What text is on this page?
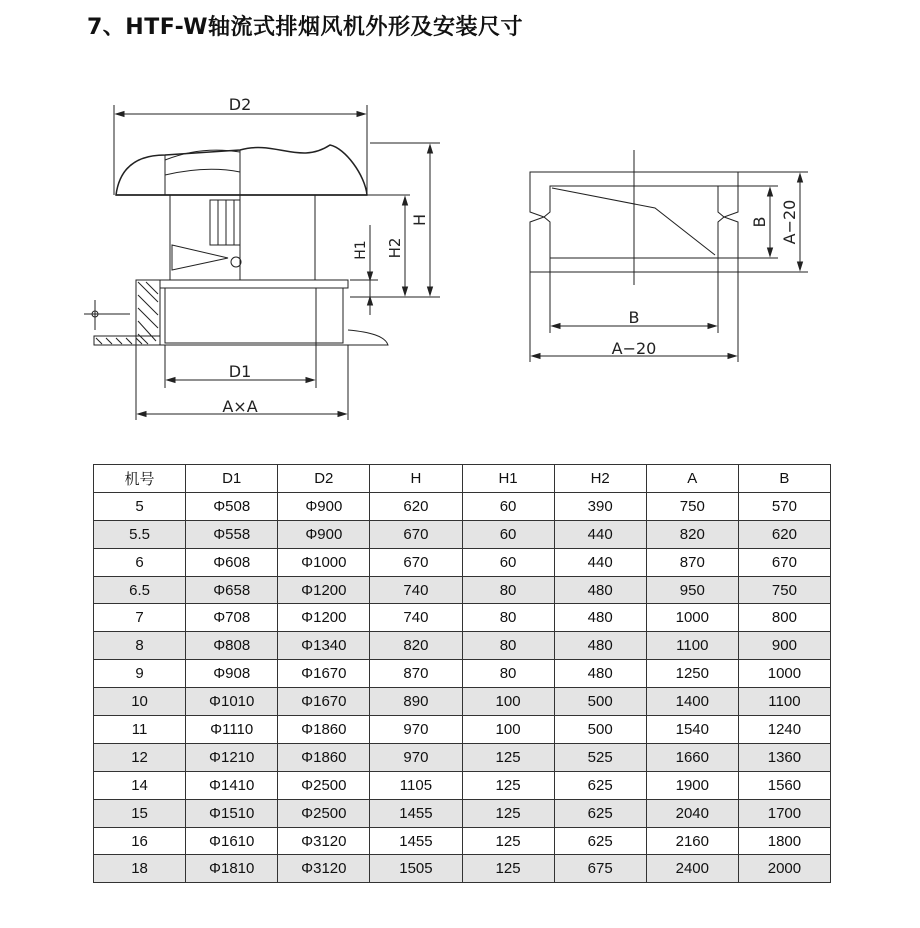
7、HTF-W轴流式排烟风机外形及安装尺寸
D2
H
H2
H1
D1
A×A
B
A−20
B A−20
机号	D1	D2	H	H1	H2	A	B
5	Φ508	Φ900	620	60	390	750	570
5.5	Φ558	Φ900	670	60	440	820	620
6	Φ608	Φ1000	670	60	440	870	670
6.5	Φ658	Φ1200	740	80	480	950	750
7	Φ708	Φ1200	740	80	480	1000	800
8	Φ808	Φ1340	820	80	480	1100	900
9	Φ908	Φ1670	870	80	480	1250	1000
10	Φ1010	Φ1670	890	100	500	1400	1100
11	Φ1110	Φ1860	970	100	500	1540	1240
12	Φ1210	Φ1860	970	125	525	1660	1360
14	Φ1410	Φ2500	1105	125	625	1900	1560
15	Φ1510	Φ2500	1455	125	625	2040	1700
16	Φ1610	Φ3120	1455	125	625	2160	1800
18	Φ1810	Φ3120	1505	125	675	2400	2000
